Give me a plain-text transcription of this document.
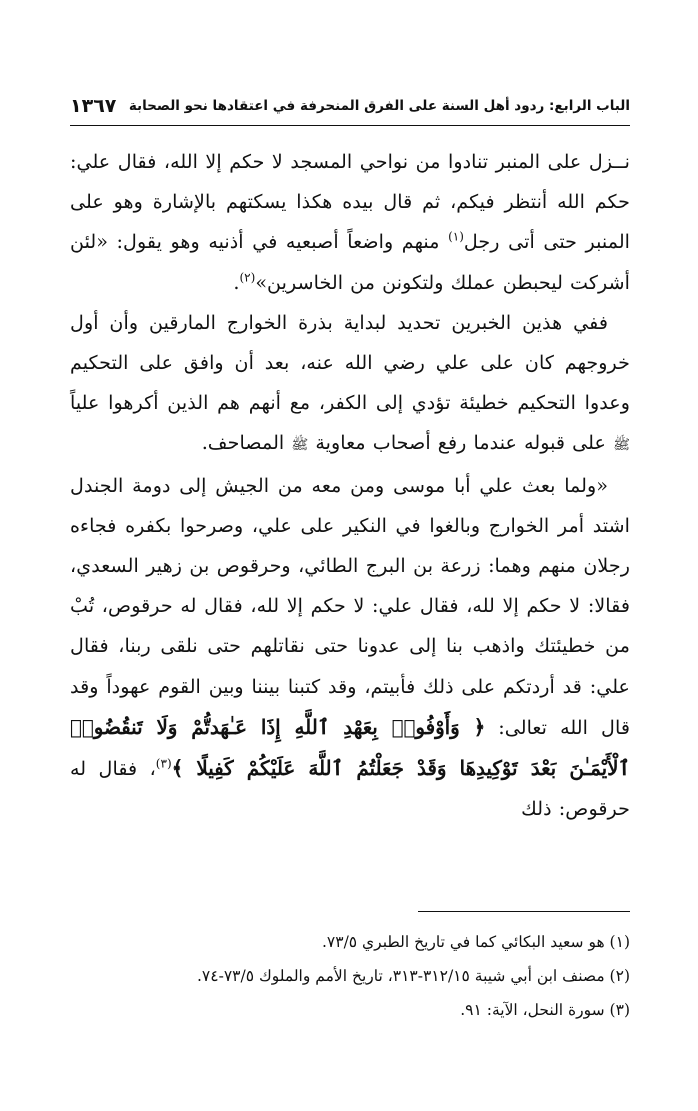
الباب الرابع: ردود أهل السنة على الفرق المنحرفة في اعتقادها نحو الصحابة
١٣٦٧

نــزل على المنبر تنادوا من نواحي المسجد لا حكم إلا الله، فقال علي: حكم الله أنتظر فيكم، ثم قال بيده هكذا يسكتهم بالإشارة وهو على المنبر حتى أتى رجل$^{(١)}$ منهم واضعاً أصبعيه في أذنيه وهو يقول: «لئن أشركت ليحبطن عملك ولتكونن من الخاسرين»$^{(٢)}$.

ففي هذين الخبرين تحديد لبداية بذرة الخوارج المارقين وأن أول خروجهم كان على علي رضي الله عنه، بعد أن وافق على التحكيم وعدوا التحكيم خطيئة تؤدي إلى الكفر، مع أنهم هم الذين أكرهوا علياً ﷺ على قبوله عندما رفع أصحاب معاوية ﷺ المصاحف.

«ولما بعث علي أبا موسى ومن معه من الجيش إلى دومة الجندل اشتد أمر الخوارج وبالغوا في النكير على علي، وصرحوا بكفره فجاءه رجلان منهم وهما: زرعة بن البرج الطائي، وحرقوص بن زهير السعدي، فقالا: لا حكم إلا لله، فقال علي: لا حكم إلا لله، فقال له حرقوص، تُبْ من خطيئتك واذهب بنا إلى عدونا حتى نقاتلهم حتى نلقى ربنا، فقال علي: قد أردتكم على ذلك فأبيتم، وقد كتبنا بيننا وبين القوم عهوداً وقد قال الله تعالى: ﴿ وَأَوْفُوا۟ بِعَهْدِ ٱللَّهِ إِذَا عَـٰهَدتُّمْ وَلَا تَنقُضُوا۟ ٱلْأَيْمَـٰنَ بَعْدَ تَوْكِيدِهَا وَقَدْ جَعَلْتُمُ ٱللَّهَ عَلَيْكُمْ كَفِيلًا ﴾$^{(٣)}$، فقال له حرقوص: ذلك

(١) هو سعيد البكائي كما في تاريخ الطبري ٧٣/٥.
(٢) مصنف ابن أبي شيبة ٣١٢/١٥-٣١٣، تاريخ الأمم والملوك ٧٣/٥-٧٤.
(٣) سورة النحل، الآية: ٩١.
